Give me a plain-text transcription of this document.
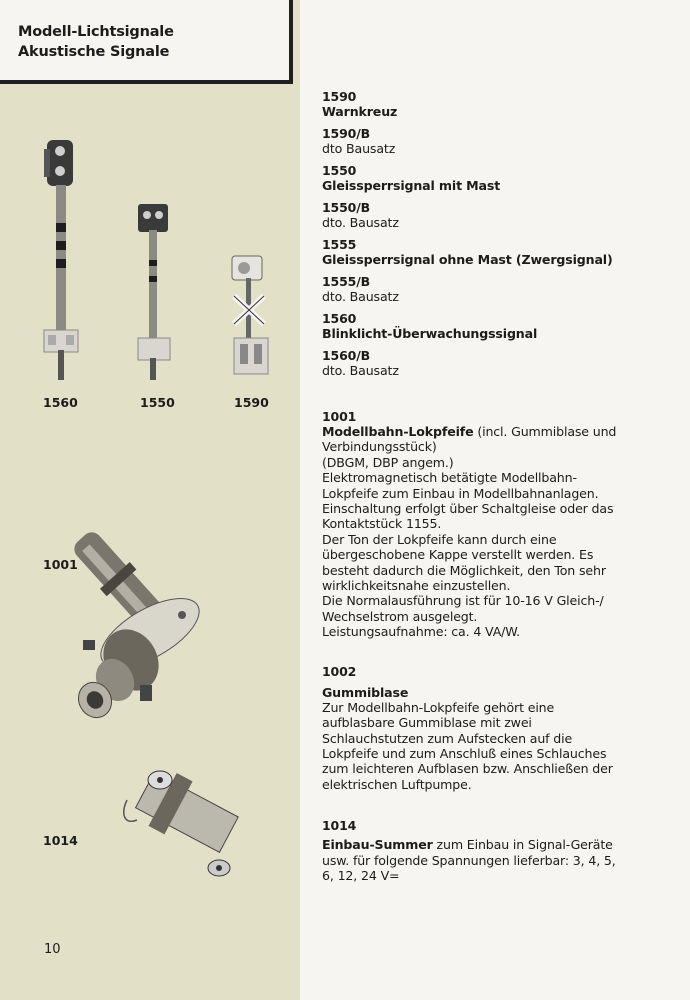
Modell-Lichtsignale
Akustische Signale
1560	1550	1590
1001
1014
10
1590
Warnkreuz
1590/B
dto Bausatz
1550
Gleissperrsignal mit Mast
1550/B
dto. Bausatz
1555
Gleissperrsignal ohne Mast (Zwergsignal)
1555/B
dto. Bausatz
1560
Blinklicht-Überwachungssignal
1560/B
dto. Bausatz
1001
Modellbahn-Lokpfeife (incl. Gummiblase und Verbindungsstück)
(DBGM, DBP angem.)
Elektromagnetisch betätigte Modellbahn-Lokpfeife zum Einbau in Modellbahnanlagen.
Einschaltung erfolgt über Schaltgleise oder das Kontaktstück 1155.
Der Ton der Lokpfeife kann durch eine übergeschobene Kappe verstellt werden. Es besteht dadurch die Möglichkeit, den Ton sehr wirklichkeitsnahe einzustellen.
Die Normalausführung ist für 10-16 V Gleich-/ Wechselstrom ausgelegt.
Leistungsaufnahme: ca. 4 VA/W.
1002
Gummiblase
Zur Modellbahn-Lokpfeife gehört eine aufblasbare Gummiblase mit zwei Schlauchstutzen zum Aufstecken auf die Lokpfeife und zum Anschluß eines Schlauches zum leichteren Aufblasen bzw. Anschließen der elektrischen Luftpumpe.
1014
Einbau-Summer zum Einbau in Signal-Geräte usw. für folgende Spannungen lieferbar: 3, 4, 5, 6, 12, 24 V=
